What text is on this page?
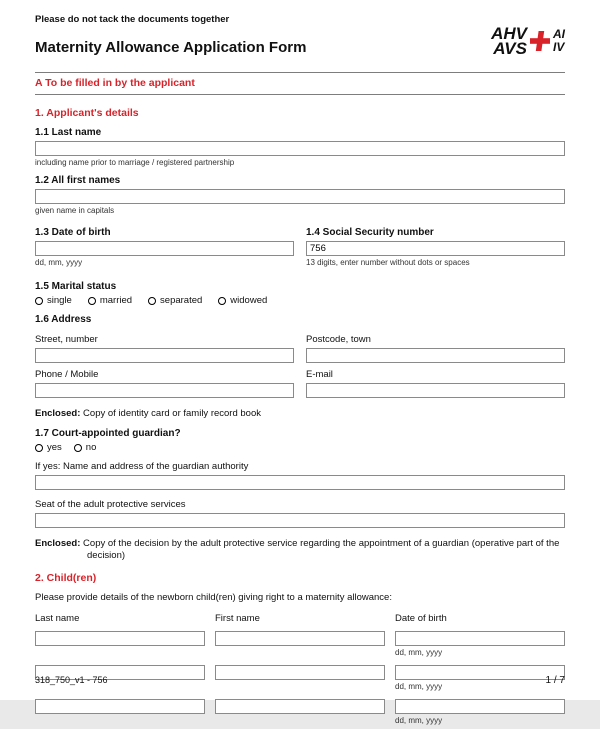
Please do not tack the documents together
Maternity Allowance Application Form
AHV
AVS
AI
IV
A To be filled in by the applicant
1. Applicant's details
1.1 Last name
including name prior to marriage / registered partnership
1.2 All first names
given name in capitals
1.3 Date of birth
dd, mm, yyyy
1.4 Social Security number
756
13 digits, enter number without dots or spaces
1.5 Marital status
single	married	separated	widowed
1.6 Address
Street, number	Postcode, town
Phone / Mobile	E-mail
Enclosed: Copy of identity card or family record book
1.7 Court-appointed guardian?
yes	no
If yes: Name and address of the guardian authority
Seat of the adult protective services
Enclosed: Copy of the decision by the adult protective service regarding the appointment of a guardian (operative part of the decision)
2. Child(ren)
Please provide details of the newborn child(ren) giving right to a maternity allowance:
Last name	First name	Date of birth
dd, mm, yyyy
dd, mm, yyyy
dd, mm, yyyy
318_750_v1 - 756	1 / 7
